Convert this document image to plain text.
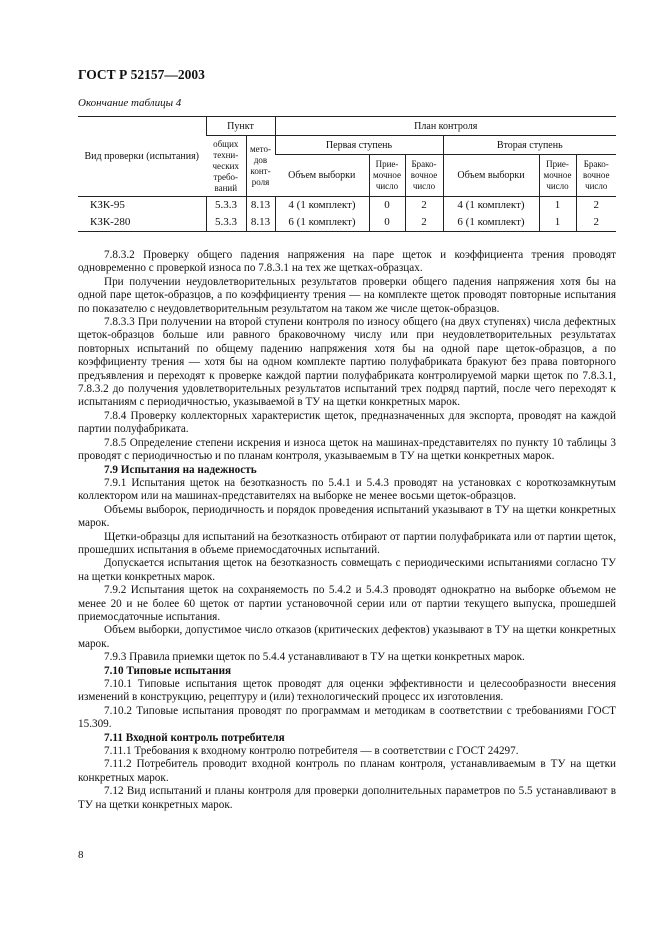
ГОСТ Р 52157—2003
Окончание таблицы 4
Вид проверки (испытания)	Пункт		План контроля					
	общих техни-ческих требо-ваний	мето-дов конт-роля	Первая ступень			Вторая ступень		
			Объем выборки	Прие-мочное число	Брако-вочное число	Объем выборки	Прие-мочное число	Брако-вочное число
КЗК-95	5.3.3	8.13	4 (1 комплект)	0	2	4 (1 комплект)	1	2
КЗК-280	5.3.3	8.13	6 (1 комплект)	0	2	6 (1 комплект)	1	2

7.8.3.2 Проверку общего падения напряжения на паре щеток и коэффициента трения проводят одновременно с проверкой износа по 7.8.3.1 на тех же щетках-образцах.

При получении неудовлетворительных результатов проверки общего падения напряжения хотя бы на одной паре щеток-образцов, а по коэффициенту трения — на комплекте щеток проводят повторные испытания по показателю с неудовлетворительным результатом на таком же числе щеток-образцов.

7.8.3.3 При получении на второй ступени контроля по износу общего (на двух ступенях) числа дефектных щеток-образцов больше или равного браковочному числу или при неудовлетворительных результатах повторных испытаний по общему падению напряжения хотя бы на одной паре щеток-образцов, а по коэффициенту трения — хотя бы на одном комплекте партию полуфабриката бракуют без права повторного предъявления и переходят к проверке каждой партии полуфабриката контролируемой марки щеток по 7.8.3.1, 7.8.3.2 до получения удовлетворительных результатов испытаний трех подряд партий, после чего переходят к испытаниям с периодичностью, указываемой в ТУ на щетки конкретных марок.

7.8.4 Проверку коллекторных характеристик щеток, предназначенных для экспорта, проводят на каждой партии полуфабриката.

7.8.5 Определение степени искрения и износа щеток на машинах-представителях по пункту 10 таблицы 3 проводят с периодичностью и по планам контроля, указываемым в ТУ на щетки конкретных марок.

7.9 Испытания на надежность

7.9.1 Испытания щеток на безотказность по 5.4.1 и 5.4.3 проводят на установках с короткозамкнутым коллектором или на машинах-представителях на выборке не менее восьми щеток-образцов.

Объемы выборок, периодичность и порядок проведения испытаний указывают в ТУ на щетки конкретных марок.

Щетки-образцы для испытаний на безотказность отбирают от партии полуфабриката или от партии щеток, прошедших испытания в объеме приемосдаточных испытаний.

Допускается испытания щеток на безотказность совмещать с периодическими испытаниями согласно ТУ на щетки конкретных марок.

7.9.2 Испытания щеток на сохраняемость по 5.4.2 и 5.4.3 проводят однократно на выборке объемом не менее 20 и не более 60 щеток от партии установочной серии или от партии текущего выпуска, прошедшей приемосдаточные испытания.

Объем выборки, допустимое число отказов (критических дефектов) указывают в ТУ на щетки конкретных марок.

7.9.3 Правила приемки щеток по 5.4.4 устанавливают в ТУ на щетки конкретных марок.

7.10 Типовые испытания

7.10.1 Типовые испытания щеток проводят для оценки эффективности и целесообразности внесения изменений в конструкцию, рецептуру и (или) технологический процесс их изготовления.

7.10.2 Типовые испытания проводят по программам и методикам в соответствии с требованиями ГОСТ 15.309.

7.11 Входной контроль потребителя

7.11.1 Требования к входному контролю потребителя — в соответствии с ГОСТ 24297.

7.11.2 Потребитель проводит входной контроль по планам контроля, устанавливаемым в ТУ на щетки конкретных марок.

7.12 Вид испытаний и планы контроля для проверки дополнительных параметров по 5.5 устанавливают в ТУ на щетки конкретных марок.

8
